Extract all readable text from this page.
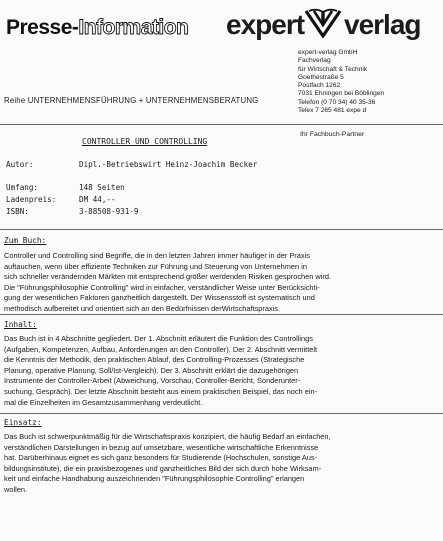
Presse-Information expert verlag
expert-verlag GmbH
Fachverlag
für Wirtschaft & Technik
Goethestraße 5
Postfach 1262
7031 Ehningen bei Böblingen
Telefon (0 70 34) 40 35-36
Telex 7 265 481 expe d
Reihe UNTERNEHMENSFÜHRUNG + UNTERNEHMENSBERATUNG
Ihr Fachbuch-Partner
CONTROLLER UND CONTROLLING
Autor:	Dipl.-Betriebswirt Heinz-Joachim Becker
Umfang:	148 Seiten
Ladenpreis:	DM 44,--
ISBN:	3-88508-931-9
Zum Buch:
Controller und Controlling sind Begriffe, die in den letzten Jahren immer häufiger in der Praxis
auftauchen, wenn über effiziente Techniken zur Führung und Steuerung von Unternehmen in
sich schneller verändernden Märkten mit entsprechend größer werdenden Risiken gesprochen wird.
Die "Führungsphilosophie Controlling" wird in einfacher, verständlicher Weise unter Berücksichti-
gung der wesentlichen Faktoren ganzheitlich dargestellt. Der Wissensstoff ist systematisch und
methodisch aufbereitet und orientiert sich an den Bedürfnissen derWirtschaftspraxis.
Inhalt:
Das Buch ist in 4 Abschnitte gegliedert. Der 1. Abschnitt erläutert die Funktion des Controllings
(Aufgaben, Kompetenzen, Aufbau, Anforderungen an den Controller). Der 2. Abschnitt vermittelt
die Kenntnis der Methodik, den praktischen Ablauf, des Controlling-Prozesses (Strategische
Planung, operative Planung, Soll/Ist-Vergleich). Der 3. Abschnitt erklärt die dazugehörigen
Instrumente der Controller-Arbeit (Abweichung, Vorschau, Controller-Bericht, Sonderunter-
suchung, Gespräch). Der letzte Abschnitt besteht aus einem praktischen Beispiel, das noch ein-
mal die Einzelheiten im Gesamtzusammenhang verdeutlicht.
Einsatz:
Das Buch ist schwerpunktmäßig für die Wirtschaftspraxis konzipiert, die häufig Bedarf an einfachen,
verständlichen Darstellungen in bezug auf umsetzbare, wesentliche wirtschaftliche Erkenntnisse
hat. Darüberhinaus eignet es sich ganz besonders für Studierende (Hochschulen, sonstige Aus-
bildungsinstitute), die ein praxisbezogenes und ganzheitliches Bild der sich durch hohe Wirksam-
keit und einfache Handhabung auszeichnenden "Führungsphilosophie Controlling" erlangen
wollen.
